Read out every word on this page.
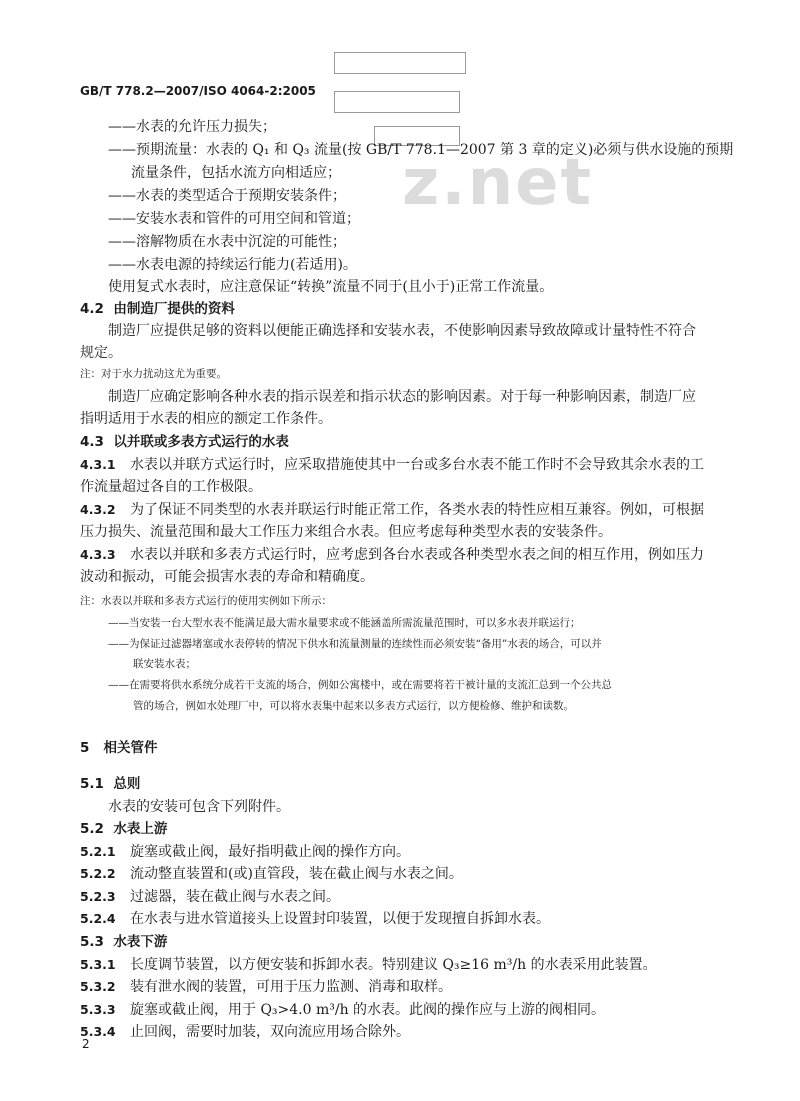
z.net
GB/T 778.2—2007/ISO 4064-2:2005
——水表的允许压力损失；
——预期流量：水表的 Q₁ 和 Q₃ 流量(按 GB/T 778.1—2007 第 3 章的定义)必须与供水设施的预期
流量条件，包括水流方向相适应；
——水表的类型适合于预期安装条件；
——安装水表和管件的可用空间和管道；
——溶解物质在水表中沉淀的可能性；
——水表电源的持续运行能力(若适用)。
使用复式水表时，应注意保证“转换”流量不同于(且小于)正常工作流量。
4.2 由制造厂提供的资料
制造厂应提供足够的资料以便能正确选择和安装水表，不使影响因素导致故障或计量特性不符合
规定。
注：对于水力扰动这尤为重要。
制造厂应确定影响各种水表的指示误差和指示状态的影响因素。对于每一种影响因素，制造厂应
指明适用于水表的相应的额定工作条件。
4.3 以并联或多表方式运行的水表
4.3.1 水表以并联方式运行时，应采取措施使其中一台或多台水表不能工作时不会导致其余水表的工
作流量超过各自的工作极限。
4.3.2 为了保证不同类型的水表并联运行时能正常工作，各类水表的特性应相互兼容。例如，可根据
压力损失、流量范围和最大工作压力来组合水表。但应考虑每种类型水表的安装条件。
4.3.3 水表以并联和多表方式运行时，应考虑到各台水表或各种类型水表之间的相互作用，例如压力
波动和振动，可能会损害水表的寿命和精确度。
注：水表以并联和多表方式运行的使用实例如下所示：
——当安装一台大型水表不能满足最大需水量要求或不能涵盖所需流量范围时，可以多水表并联运行；
——为保证过滤器堵塞或水表停转的情况下供水和流量测量的连续性而必须安装“备用”水表的场合，可以并
联安装水表；
——在需要将供水系统分成若干支流的场合，例如公寓楼中，或在需要将若干被计量的支流汇总到一个公共总
管的场合，例如水处理厂中，可以将水表集中起来以多表方式运行，以方便检修、维护和读数。
5 相关管件
5.1 总则
水表的安装可包含下列附件。
5.2 水表上游
5.2.1 旋塞或截止阀，最好指明截止阀的操作方向。
5.2.2 流动整直装置和(或)直管段，装在截止阀与水表之间。
5.2.3 过滤器，装在截止阀与水表之间。
5.2.4 在水表与进水管道接头上设置封印装置，以便于发现擅自拆卸水表。
5.3 水表下游
5.3.1 长度调节装置，以方便安装和拆卸水表。特别建议 Q₃≥16 m³/h 的水表采用此装置。
5.3.2 装有泄水阀的装置，可用于压力监测、消毒和取样。
5.3.3 旋塞或截止阀，用于 Q₃>4.0 m³/h 的水表。此阀的操作应与上游的阀相同。
5.3.4 止回阀，需要时加装，双向流应用场合除外。
2
